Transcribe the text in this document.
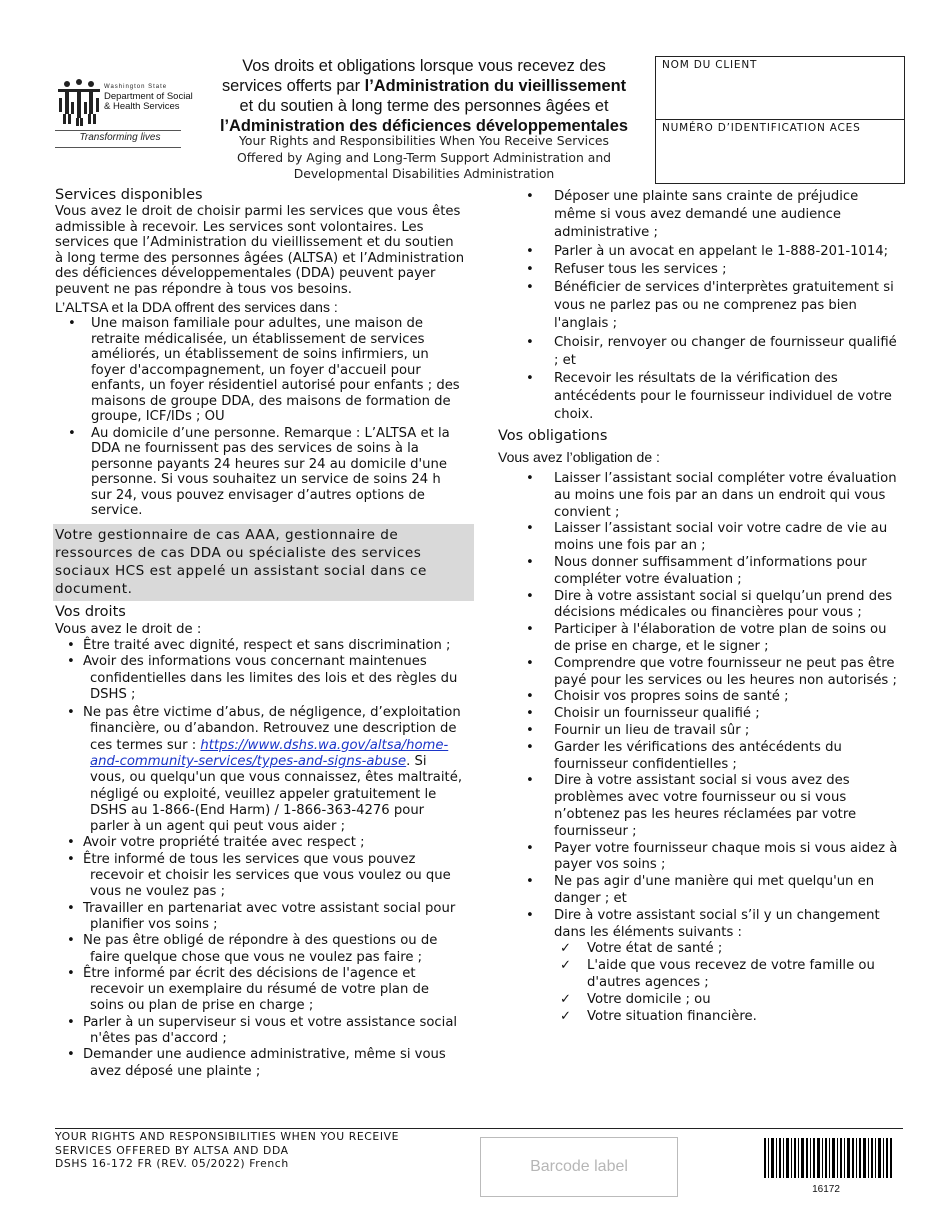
Washington State
Department of Social
& Health Services
Transforming lives
Vos droits et obligations lorsque vous recevez des
services offerts par l’Administration du vieillissement
et du soutien à long terme des personnes âgées et
l’Administration des déficiences développementales
Your Rights and Responsibilities When You Receive Services
Offered by Aging and Long-Term Support Administration and
Developmental Disabilities Administration
NOM DU CLIENT
NUMÉRO D’IDENTIFICATION ACES
Services disponibles

Vous avez le droit de choisir parmi les services que vous êtes admissible à recevoir. Les services sont volontaires. Les services que l’Administration du vieillissement et du soutien à long terme des personnes âgées (ALTSA) et l’Administration des déficiences développementales (DDA) peuvent payer peuvent ne pas répondre à tous vos besoins.

L’ALTSA et la DDA offrent des services dans :

• Une maison familiale pour adultes, une maison de retraite médicalisée, un établissement de services améliorés, un établissement de soins infirmiers, un foyer d'accompagnement, un foyer d'accueil pour enfants, un foyer résidentiel autorisé pour enfants ; des maisons de groupe DDA, des maisons de formation de groupe, ICF/IDs ; OU
• Au domicile d’une personne. Remarque : L’ALTSA et la DDA ne fournissent pas des services de soins à la personne payants 24 heures sur 24 au domicile d'une personne. Si vous souhaitez un service de soins 24 h sur 24, vous pouvez envisager d’autres options de service.
Votre gestionnaire de cas AAA, gestionnaire de ressources de cas DDA ou spécialiste des services sociaux HCS est appelé un assistant social dans ce document.
Vos droits

Vous avez le droit de :

• Être traité avec dignité, respect et sans discrimination ;
• Avoir des informations vous concernant maintenues confidentielles dans les limites des lois et des règles du DSHS ;
• Ne pas être victime d’abus, de négligence, d’exploitation financière, ou d’abandon. Retrouvez une description de ces termes sur : https://www.dshs.wa.gov/altsa/home-and-community-services/types-and-signs-abuse. Si vous, ou quelqu'un que vous connaissez, êtes maltraité, négligé ou exploité, veuillez appeler gratuitement le DSHS au 1-866-(End Harm) / 1-866-363-4276 pour parler à un agent qui peut vous aider ;
• Avoir votre propriété traitée avec respect ;
• Être informé de tous les services que vous pouvez recevoir et choisir les services que vous voulez ou que vous ne voulez pas ;
• Travailler en partenariat avec votre assistant social pour planifier vos soins ;
• Ne pas être obligé de répondre à des questions ou de faire quelque chose que vous ne voulez pas faire ;
• Être informé par écrit des décisions de l'agence et recevoir un exemplaire du résumé de votre plan de soins ou plan de prise en charge ;
• Parler à un superviseur si vous et votre assistance social n'êtes pas d'accord ;
• Demander une audience administrative, même si vous avez déposé une plainte ;
• Déposer une plainte sans crainte de préjudice même si vous avez demandé une audience administrative ;
• Parler à un avocat en appelant le 1-888-201-1014;
• Refuser tous les services ;
• Bénéficier de services d'interprètes gratuitement si vous ne parlez pas ou ne comprenez pas bien l'anglais ;
• Choisir, renvoyer ou changer de fournisseur qualifié ; et
• Recevoir les résultats de la vérification des antécédents pour le fournisseur individuel de votre choix.
Vos obligations

Vous avez l’obligation de :

• Laisser l’assistant social compléter votre évaluation au moins une fois par an dans un endroit qui vous convient ;
• Laisser l’assistant social voir votre cadre de vie au moins une fois par an ;
• Nous donner suffisamment d’informations pour compléter votre évaluation ;
• Dire à votre assistant social si quelqu’un prend des décisions médicales ou financières pour vous ;
• Participer à l'élaboration de votre plan de soins ou de prise en charge, et le signer ;
• Comprendre que votre fournisseur ne peut pas être payé pour les services ou les heures non autorisés ;
• Choisir vos propres soins de santé ;
• Choisir un fournisseur qualifié ;
• Fournir un lieu de travail sûr ;
• Garder les vérifications des antécédents du fournisseur confidentielles ;
• Dire à votre assistant social si vous avez des problèmes avec votre fournisseur ou si vous n’obtenez pas les heures réclamées par votre fournisseur ;
• Payer votre fournisseur chaque mois si vous aidez à payer vos soins ;
• Ne pas agir d'une manière qui met quelqu'un en danger ; et
• Dire à votre assistant social s’il y un changement dans les éléments suivants :
✓ Votre état de santé ;
✓ L'aide que vous recevez de votre famille ou d'autres agences ;
✓ Votre domicile ; ou
✓ Votre situation financière.
YOUR RIGHTS AND RESPONSIBILITIES WHEN YOU RECEIVE
SERVICES OFFERED BY ALTSA AND DDA
DSHS 16-172 FR (REV. 05/2022) French	Barcode label
16172
